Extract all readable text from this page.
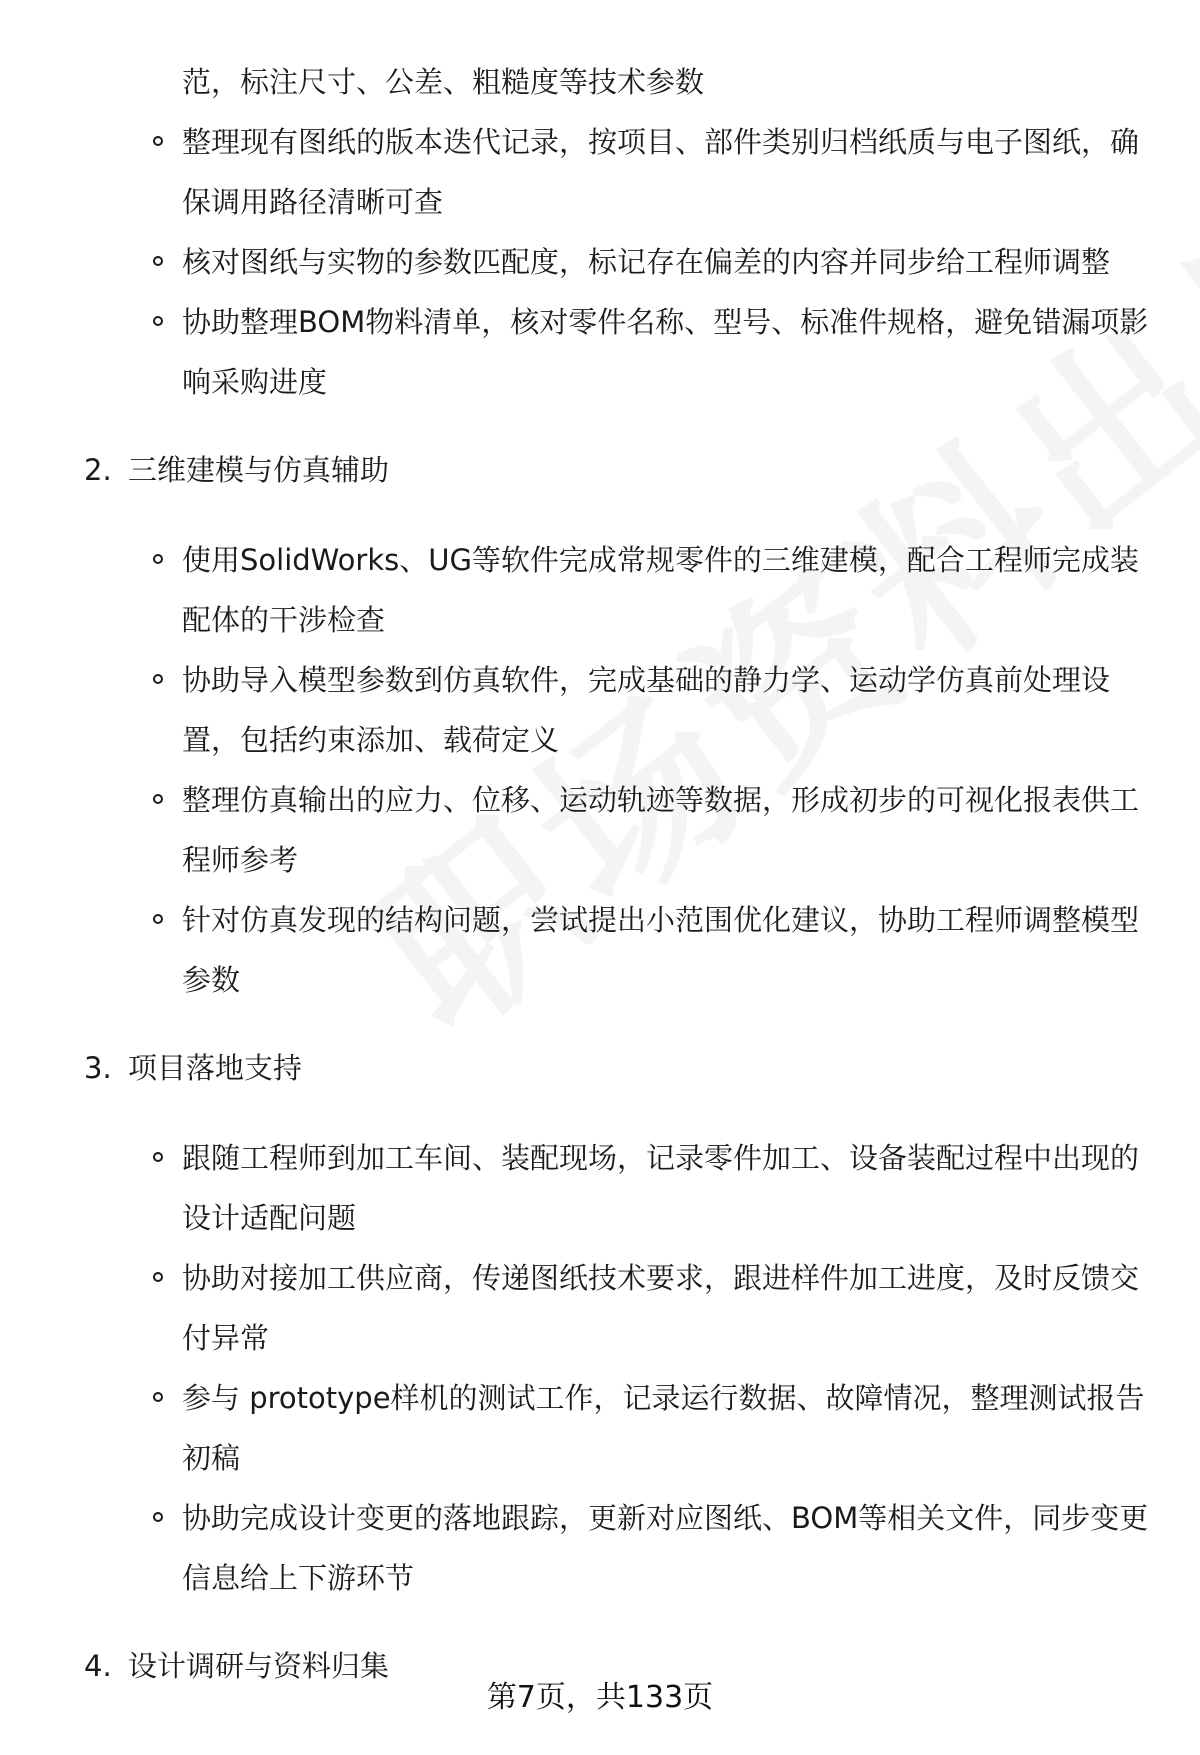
范，标注尺寸、公差、粗糙度等技术参数

整理现有图纸的版本迭代记录，按项目、部件类别归档纸质与电子图纸，确保调用路径清晰可查
核对图纸与实物的参数匹配度，标记存在偏差的内容并同步给工程师调整
协助整理BOM物料清单，核对零件名称、型号、标准件规格，避免错漏项影响采购进度
2. 三维建模与仿真辅助
使用SolidWorks、UG等软件完成常规零件的三维建模，配合工程师完成装配体的干涉检查
协助导入模型参数到仿真软件，完成基础的静力学、运动学仿真前处理设置，包括约束添加、载荷定义
整理仿真输出的应力、位移、运动轨迹等数据，形成初步的可视化报表供工程师参考
针对仿真发现的结构问题，尝试提出小范围优化建议，协助工程师调整模型参数
3. 项目落地支持
跟随工程师到加工车间、装配现场，记录零件加工、设备装配过程中出现的设计适配问题
协助对接加工供应商，传递图纸技术要求，跟进样件加工进度，及时反馈交付异常
参与 prototype样机的测试工作，记录运行数据、故障情况，整理测试报告初稿
协助完成设计变更的落地跟踪，更新对应图纸、BOM等相关文件，同步变更信息给上下游环节
4. 设计调研与资料归集
第7页，共133页
